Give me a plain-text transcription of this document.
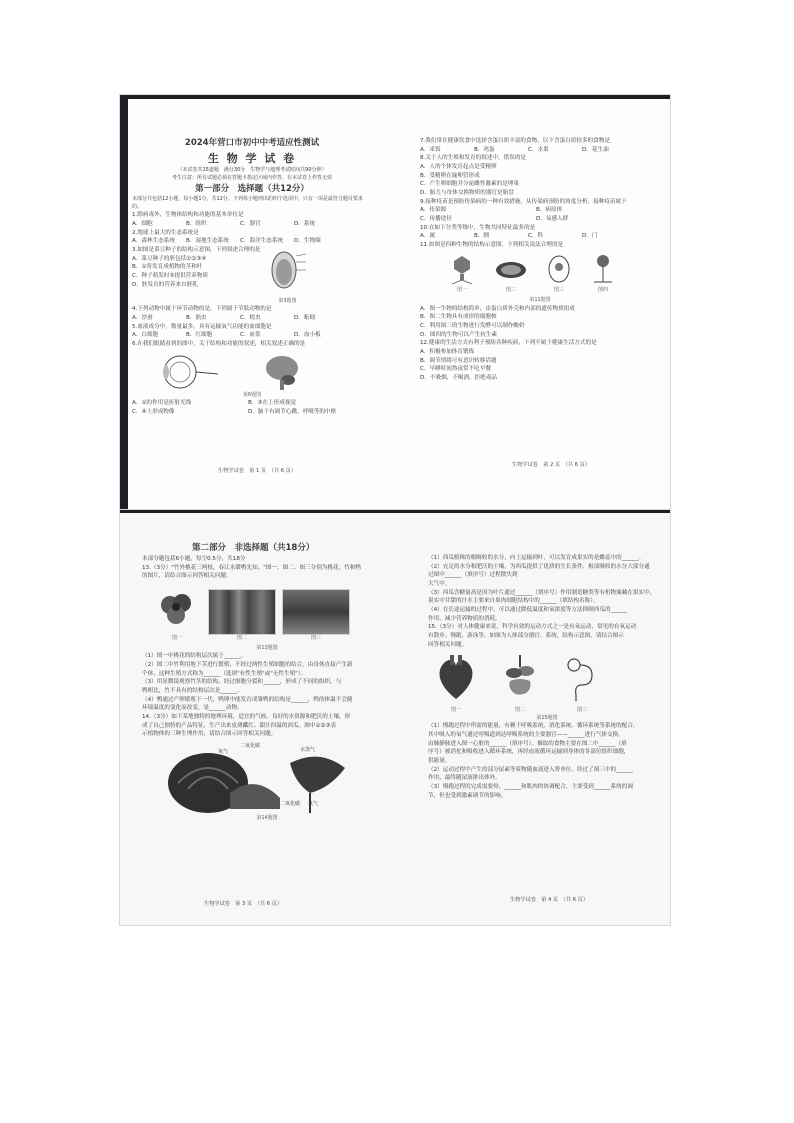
2024年营口市初中中考适应性测试

生 物 学 试 卷

（本试卷共15道题　满分30分　生物学与地理考试时间共90分钟）

考生注意：所有试题必须在答题卡指定区域内作答，在本试卷上作答无效

第一部分　选择题（共12分）

本部分共包括12小题，每小题1分，共12分。下列每小题列出的四个选项中，只有一项是最符合题目要求的。

1.除病毒外，生物体结构和功能的基本单位是

A．细胞	B．组织	C．器官	D．系统

2.地球上最大的生态系统是

A．森林生态系统	B．湿地生态系统	C．海洋生态系统	D．生物圈

3.如图是菜豆种子的结构示意图，下列叙述合理的是

A．菜豆种子的胚包括①②③④

B．①将发育成植物的茎和叶

C．种子萌发时⑤提供营养物质

D．胚发育的营养来自胚乳

第3题图

4.下列动物中属于环节动物的是，下列属于节肢动物的是

A．沙蚕	B．涡虫	C．蝗虫	D．蚯蚓

5.血液成分中，数量最多，具有运输氧气功能的血细胞是

A．白细胞	B．红细胞	C．血浆	D．血小板

6.在我们眼睛看到的图中，关于结构和功能的叙述，相关叙述正确的是

第6题图

A．①的作用是折射光线	B．③在上形成视觉
C．④上形成物像	D．脑干有调节心跳、呼吸等的中枢
生物学试卷　第 1 页　（共 6 页）

7.我们常在健康饮食中选择含蛋白质丰富的食物，以下含蛋白质较多的食物是

A．米饭	B．鸡蛋	C．水果	D．花生油

8.关于人的生殖和发育的叙述中，错误的是

A．人的个体发育起点是受精卵

B．受精卵在输卵管形成

C．产生卵细胞并分泌雌性激素的是卵巢

D．胎儿与母体交换物质的器官是胎盘

9.接种疫苗是预防传染病的一种有效措施，从传染病预防的角度分析，接种疫苗属于

A．传染源	B．病原体
C．传播途径	D．易感人群

10.在如下分类等级中，生物共同特征最多的是

A．属	B．纲	C．科	D．门

11.如图是四种生物的结构示意图，下列相关说法合理的是

图一	图二	图三	图四

第11题图

A．图一生物的结构简单，由蛋白质外壳和内部的遗传物质组成

B．图二生物具有成形的细胞核

C．利用图三的生物进行发酵可以制作酸奶

D．图四的生物可以产生抗生素

12.健康的生活方式有利于预防各种疾病，下列不属于健康生活方式的是

A．积极参加体育锻炼

B．调节情绪可有意识转移话题

C．早睡时间熬夜常不吃早餐

D．不吸烟，不喝酒，拒绝毒品

生物学试卷　第 2 页　（共 6 页）

第二部分　非选择题（共18分）

本部分题包括6小题，每空0.5分，共18分

13.（3分）"竹外桃花三两枝，春江水暖鸭先知。"图一、图二、图三分别为桃花、竹和鸭

的图片，请结合图示回答相关问题。

图一	图二	图三

第13题图

（1）图一中桃花的结构层次属于______。

（2）图二中竹利用地下茎进行繁殖，不经过两性生殖细胞的结合，由母体直接产生新

个体，这种生殖方式称为______（选填"有性生殖"或"无性生殖"）。

（3）用显微镜观察竹茎的结构，经过细胞分裂和______，形成了不同的组织，与

鸭相比，竹不具有的结构层次是______。

（4）鸭通过产卵繁殖下一代，鸭卵中能发育成雏鸭的结构是______，鸭的体温不会随

环境温度的变化而改变，是______动物。

14.（3分）如下某地独特的地理环境，适宜的气候、良好的水资源和肥沃的土壤，形

成了自己独特的产品特征，生产出来皮薄瓤红、甜汁四溢的西瓜。图中①②③表

示植物体的三种生理作用，请结合图示回答相关问题。

二氧化碳
氧气	水蒸气
二氧化碳 氧气

第14题图

生物学试卷　第 3 页　（共 6 页）

（1）西瓜植株的根吸收的水分，向上运输到叶，可以发育成果实的是雌蕊中的______。

（2）充足的水分和肥沃的土壤，为西瓜提供了优质的生长条件，根部吸收的水分大部分通

过图中______（填序号）过程散失到

大气中。

（3）西瓜含糖量高是因为叶片通过______（填序号）作用制造糖类等有机物储藏在果实中，

果实中甘甜的汁水主要来自果肉细胞结构中的______（填结构名称）。

（4）在长途运输的过程中，可以通过降低温度和氧浓度等方法抑制西瓜的______

作用，减少营养物质的消耗。

15.（3分）对人体健康来说，科学有效的运动方式之一是有氧运动，常见的有氧运动

有散步、慢跑、游泳等。如图为人体部分器官、系统，结构示意图，请结合图示

回答相关问题。

图一	图二	图三

第15题图

（1）慢跑过程中所需的能量，有赖于呼吸系统、消化系统、循环系统等系统的配合，

其中吸入的氧气通过呼吸道到达呼吸系统的主要器官——______进行气体交换，

由肺静脉进入图一心脏的______（填序号）。摄取的食物主要在图二中______（填

序号）被消化和吸收进入循环系统，再经血液循环运输到身体的各部位组织细胞，

供能量。

（2）运动过程中产生的部分尿素等废物随血液进入肾单位，经过了图三中的______

作用，最终随尿液排出体外。

（3）慢跑过程的完成需要骨、______和肌肉的协调配合，主要受到______系统的调

节，但也受到激素调节的影响。

生物学试卷　第 4 页　（共 6 页）
